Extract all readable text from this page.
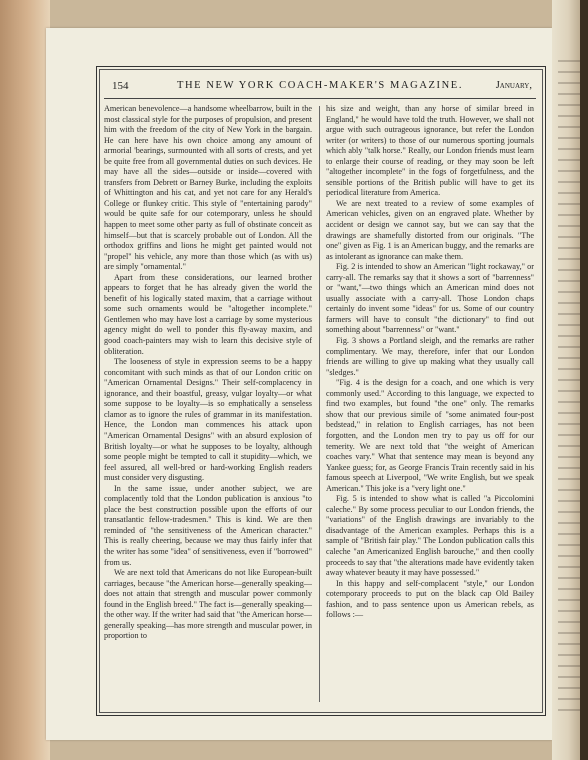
154	THE NEW YORK COACH-MAKER'S MAGAZINE.	January,

American benevolence—a handsome wheelbarrow, built in the most classical style for the purposes of propulsion, and present him with the freedom of the city of New York in the bargain. He can here have his own choice among any amount of armorial 'bearings, surmounted with all sorts of crests, and yet be quite free from all governmental duties on such devices. He may have all the sides—outside or inside—covered with transfers from Debrett or Barney Burke, including the exploits of Whittington and his cat, and yet not care for any Herald's College or flunkey critic. This style of "entertaining parody" would be quite safe for our cotemporary, unless he should happen to meet some other party as full of obstinate conceit as himself—but that is scarcely probable out of London. All the orthodox griffins and lions he might get painted would not "propel" his vehicle, any more than those which (as with us) are simply "ornamental."

Apart from these considerations, our learned brother appears to forget that he has already given the world the benefit of his logically stated maxim, that a carriage without some such ornaments would be "altogether incomplete." Gentlemen who may have lost a carriage by some mysterious agency might do well to ponder this fly-away maxim, and good coach-painters may wish to learn this decisive style of obliteration.

The looseness of style in expression seems to be a happy concomitant with such minds as that of our London critic on "American Ornamental Designs." Their self-complacency in ignorance, and their boastful, greasy, vulgar loyalty—or what some suppose to be loyalty—is so emphatically a senseless clamor as to ignore the rules of grammar in its manifestation. Hence, the London man commences his attack upon "American Ornamental Designs" with an absurd explosion of British loyalty—or what he supposes to be loyalty, although some people might be tempted to call it stupidity—which, we feel assured, all well-bred or hard-working English readers must consider very disgusting.

In the same issue, under another subject, we are complacently told that the London publication is anxious "to place the best construction possible upon the efforts of our transatlantic fellow-tradesmen." This is kind. We are then reminded of "the sensitiveness of the American character." This is really cheering, because we may thus fairly infer that the writer has some "idea" of sensitiveness, even if "borrowed" from us.

We are next told that Americans do not like European-built carriages, because "the American horse—generally speaking—does not attain that strength and muscular power commonly found in the English breed." The fact is—generally speaking—the other way. If the writer had said that "the American horse—generally speaking—has more strength and muscular power, in proportion to

his size and weight, than any horse of similar breed in England," he would have told the truth. However, we shall not argue with such outrageous ignorance, but refer the London writer (or writers) to those of our numerous sporting journals which ably "talk horse." Really, our London friends must learn to enlarge their course of reading, or they may soon be left "altogether incomplete" in the fogs of forgetfulness, and the sensible portions of the British public will have to get its periodical literature from America.

We are next treated to a review of some examples of American vehicles, given on an engraved plate. Whether by accident or design we cannot say, but we can say that the drawings are shamefully distorted from our originals. "The one" given as Fig. 1 is an American buggy, and the remarks are as intolerant as ignorance can make them.

Fig. 2 is intended to show an American "light rockaway," or carry-all. The remarks say that it shows a sort of "barrenness" or "want,"—two things which an American mind does not usually associate with a carry-all. Those London chaps certainly do invent some "ideas" for us. Some of our country farmers will have to consult "the dictionary" to find out something about "barrenness" or "want."

Fig. 3 shows a Portland sleigh, and the remarks are rather complimentary. We may, therefore, infer that our London friends are willing to give up making what they usually call "sledges."

"Fig. 4 is the design for a coach, and one which is very commonly used." According to this language, we expected to find two examples, but found "the one" only. The remarks show that our previous simile of "some animated four-post bedstead," in relation to English carriages, has not been forgotten, and the London men try to pay us off for our temerity. We are next told that "the weight of American coaches vary." What that sentence may mean is beyond any Yankee guess; for, as George Francis Train recently said in his famous speech at Liverpool, "We write English, but we speak American." This joke is a "very light one."

Fig. 5 is intended to show what is called "a Piccolomini caleche." By some process peculiar to our London friends, the "variations" of the English drawings are invariably to the disadvantage of the American examples. Perhaps this is a sample of "British fair play." The London publication calls this caleche "an Americanized English barouche," and then coolly proceeds to say that "the alterations made have evidently taken away whatever beauty it may have possessed."

In this happy and self-complacent "style," our London cotemporary proceeds to put on the black cap Old Bailey fashion, and to pass sentence upon us American rebels, as follows :—
